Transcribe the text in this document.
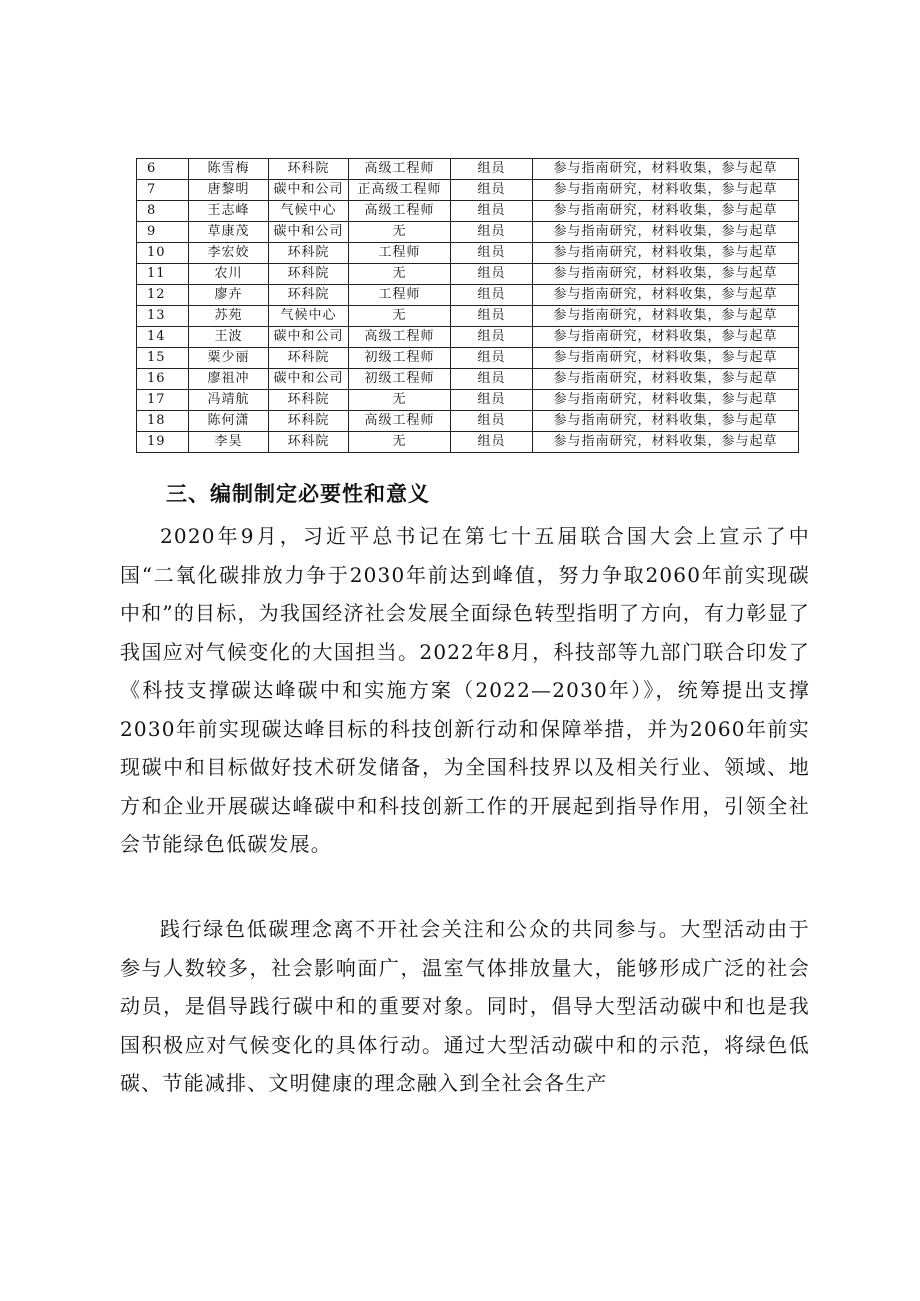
6	陈雪梅	环科院	高级工程师	组员	参与指南研究，材料收集，参与起草
7	唐黎明	碳中和公司	正高级工程师	组员	参与指南研究，材料收集，参与起草
8	王志峰	气候中心	高级工程师	组员	参与指南研究，材料收集，参与起草
9	草康茂	碳中和公司	无	组员	参与指南研究，材料收集，参与起草
10	李宏姣	环科院	工程师	组员	参与指南研究，材料收集，参与起草
11	农川	环科院	无	组员	参与指南研究，材料收集，参与起草
12	廖卉	环科院	工程师	组员	参与指南研究，材料收集，参与起草
13	苏苑	气候中心	无	组员	参与指南研究，材料收集，参与起草
14	王波	碳中和公司	高级工程师	组员	参与指南研究，材料收集，参与起草
15	粟少丽	环科院	初级工程师	组员	参与指南研究，材料收集，参与起草
16	廖祖冲	碳中和公司	初级工程师	组员	参与指南研究，材料收集，参与起草
17	冯靖航	环科院	无	组员	参与指南研究，材料收集，参与起草
18	陈何潇	环科院	高级工程师	组员	参与指南研究，材料收集，参与起草
19	李昊	环科院	无	组员	参与指南研究，材料收集，参与起草
三、编制制定必要性和意义

2020年9月，习近平总书记在第七十五届联合国大会上宣示了中国“二氧化碳排放力争于2030年前达到峰值，努力争取2060年前实现碳中和”的目标，为我国经济社会发展全面绿色转型指明了方向，有力彰显了我国应对气候变化的大国担当。2022年8月，科技部等九部门联合印发了《科技支撑碳达峰碳中和实施方案（2022—2030年）》，统筹提出支撑2030年前实现碳达峰目标的科技创新行动和保障举措，并为2060年前实现碳中和目标做好技术研发储备，为全国科技界以及相关行业、领域、地方和企业开展碳达峰碳中和科技创新工作的开展起到指导作用，引领全社会节能绿色低碳发展。

践行绿色低碳理念离不开社会关注和公众的共同参与。大型活动由于参与人数较多，社会影响面广，温室气体排放量大，能够形成广泛的社会动员，是倡导践行碳中和的重要对象。同时，倡导大型活动碳中和也是我国积极应对气候变化的具体行动。通过大型活动碳中和的示范，将绿色低碳、节能减排、文明健康的理念融入到全社会各生产
